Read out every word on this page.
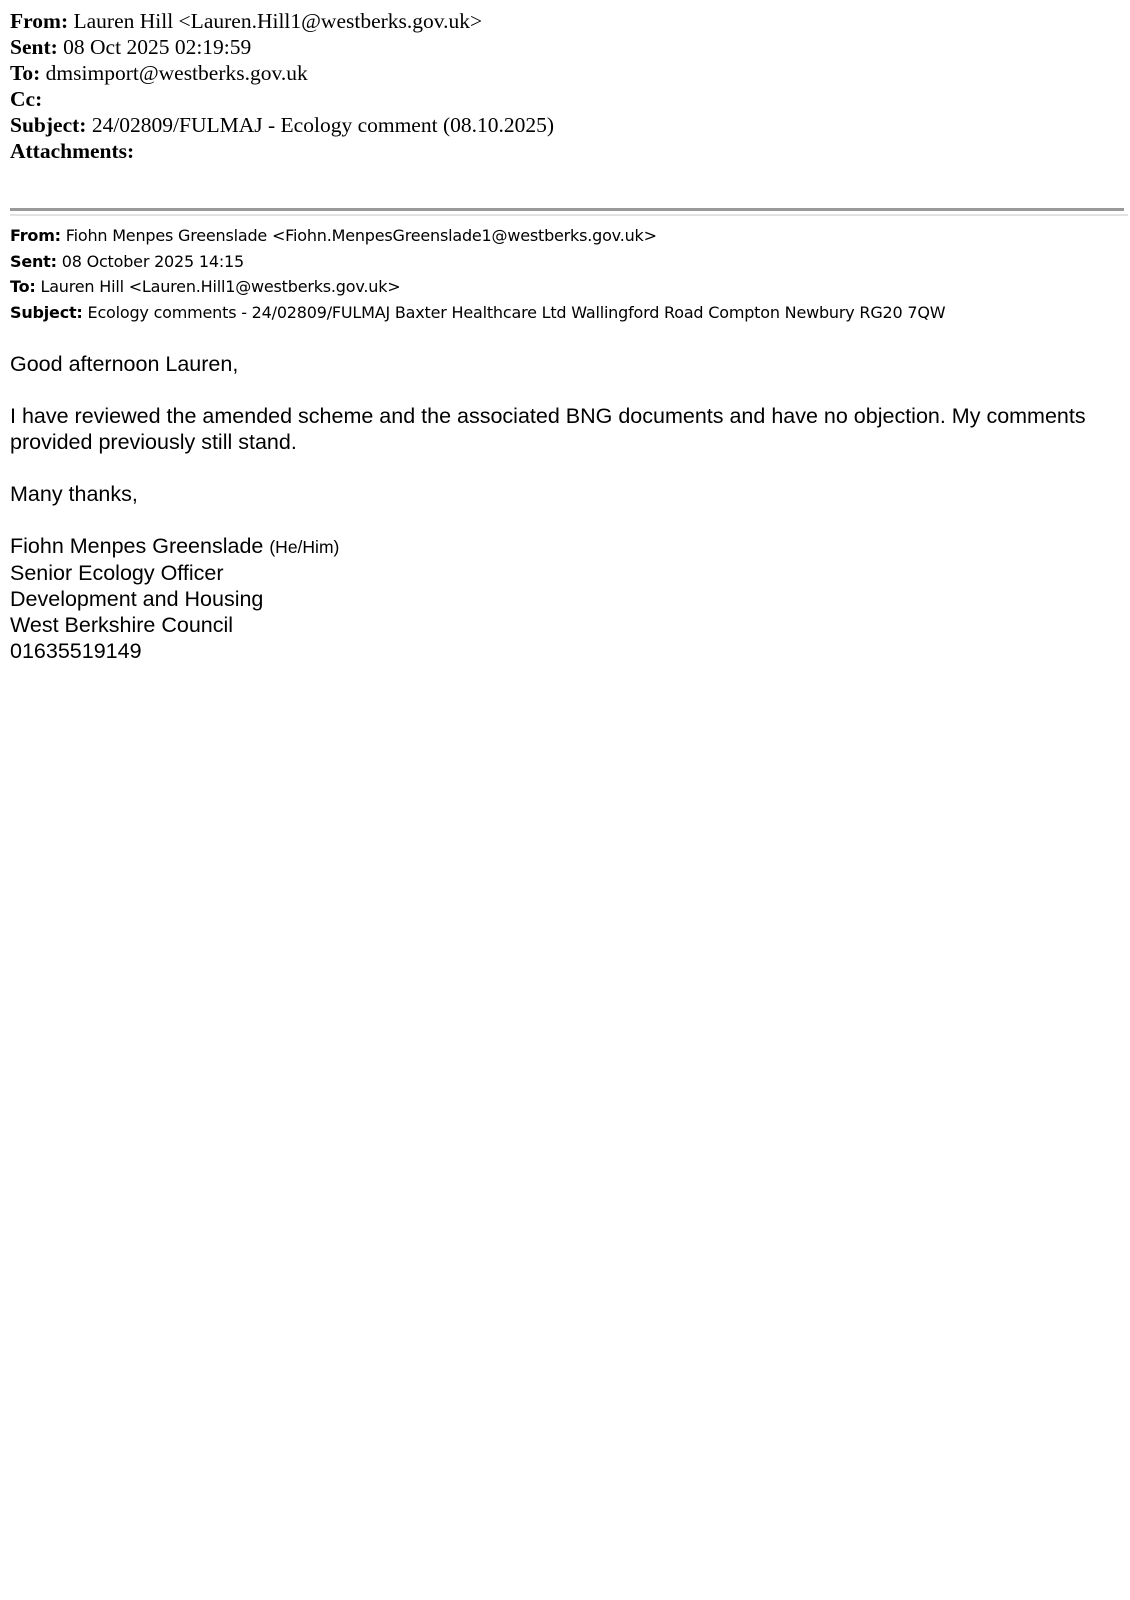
From: Lauren Hill <Lauren.Hill1@westberks.gov.uk>
Sent: 08 Oct 2025 02:19:59
To: dmsimport@westberks.gov.uk
Cc:
Subject: 24/02809/FULMAJ - Ecology comment (08.10.2025)
Attachments:
From: Fiohn Menpes Greenslade <Fiohn.MenpesGreenslade1@westberks.gov.uk>
Sent: 08 October 2025 14:15
To: Lauren Hill <Lauren.Hill1@westberks.gov.uk>
Subject: Ecology comments - 24/02809/FULMAJ Baxter Healthcare Ltd Wallingford Road Compton Newbury RG20 7QW

Good afternoon Lauren,

I have reviewed the amended scheme and the associated BNG documents and have no objection. My comments provided previously still stand.

Many thanks,

Fiohn Menpes Greenslade (He/Him)

Senior Ecology Officer

Development and Housing

West Berkshire Council

01635519149
